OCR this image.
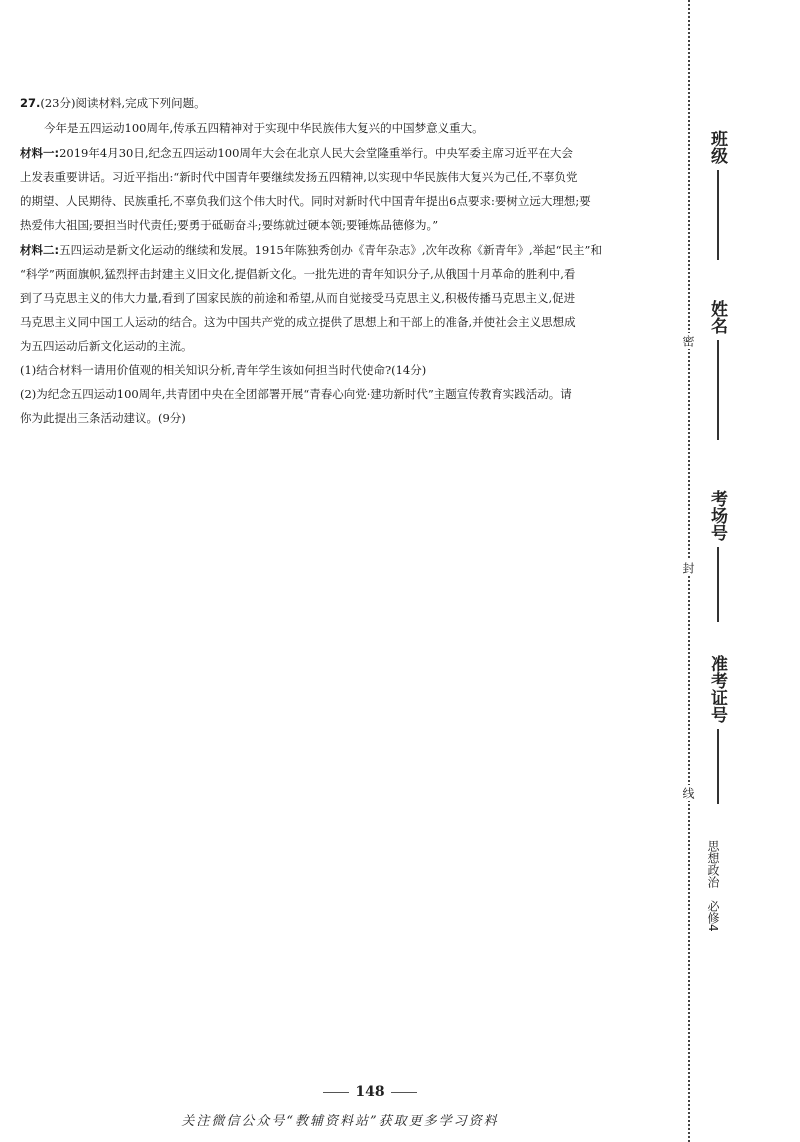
27.(23分)阅读材料,完成下列问题。
今年是五四运动100周年,传承五四精神对于实现中华民族伟大复兴的中国梦意义重大。
材料一:2019年4月30日,纪念五四运动100周年大会在北京人民大会堂隆重举行。中央军委主席习近平在大会
上发表重要讲话。习近平指出:“新时代中国青年要继续发扬五四精神,以实现中华民族伟大复兴为己任,不辜负党
的期望、人民期待、民族重托,不辜负我们这个伟大时代。同时对新时代中国青年提出6点要求:要树立远大理想;要
热爱伟大祖国;要担当时代责任;要勇于砥砺奋斗;要练就过硬本领;要锤炼品德修为。”
材料二:五四运动是新文化运动的继续和发展。1915年陈独秀创办《青年杂志》,次年改称《新青年》,举起“民主”和
“科学”两面旗帜,猛烈抨击封建主义旧文化,提倡新文化。一批先进的青年知识分子,从俄国十月革命的胜利中,看
到了马克思主义的伟大力量,看到了国家民族的前途和希望,从而自觉接受马克思主义,积极传播马克思主义,促进
马克思主义同中国工人运动的结合。这为中国共产党的成立提供了思想上和干部上的准备,并使社会主义思想成
为五四运动后新文化运动的主流。
(1)结合材料一请用价值观的相关知识分析,青年学生该如何担当时代使命?(14分)
(2)为纪念五四运动100周年,共青团中央在全团部署开展“青春心向党·建功新时代”主题宣传教育实践活动。请
你为此提出三条活动建议。(9分)
班级
姓名
考场号
准考证号
密
封
线
思想政治　必修4
148
关注微信公众号“教辅资料站”获取更多学习资料
